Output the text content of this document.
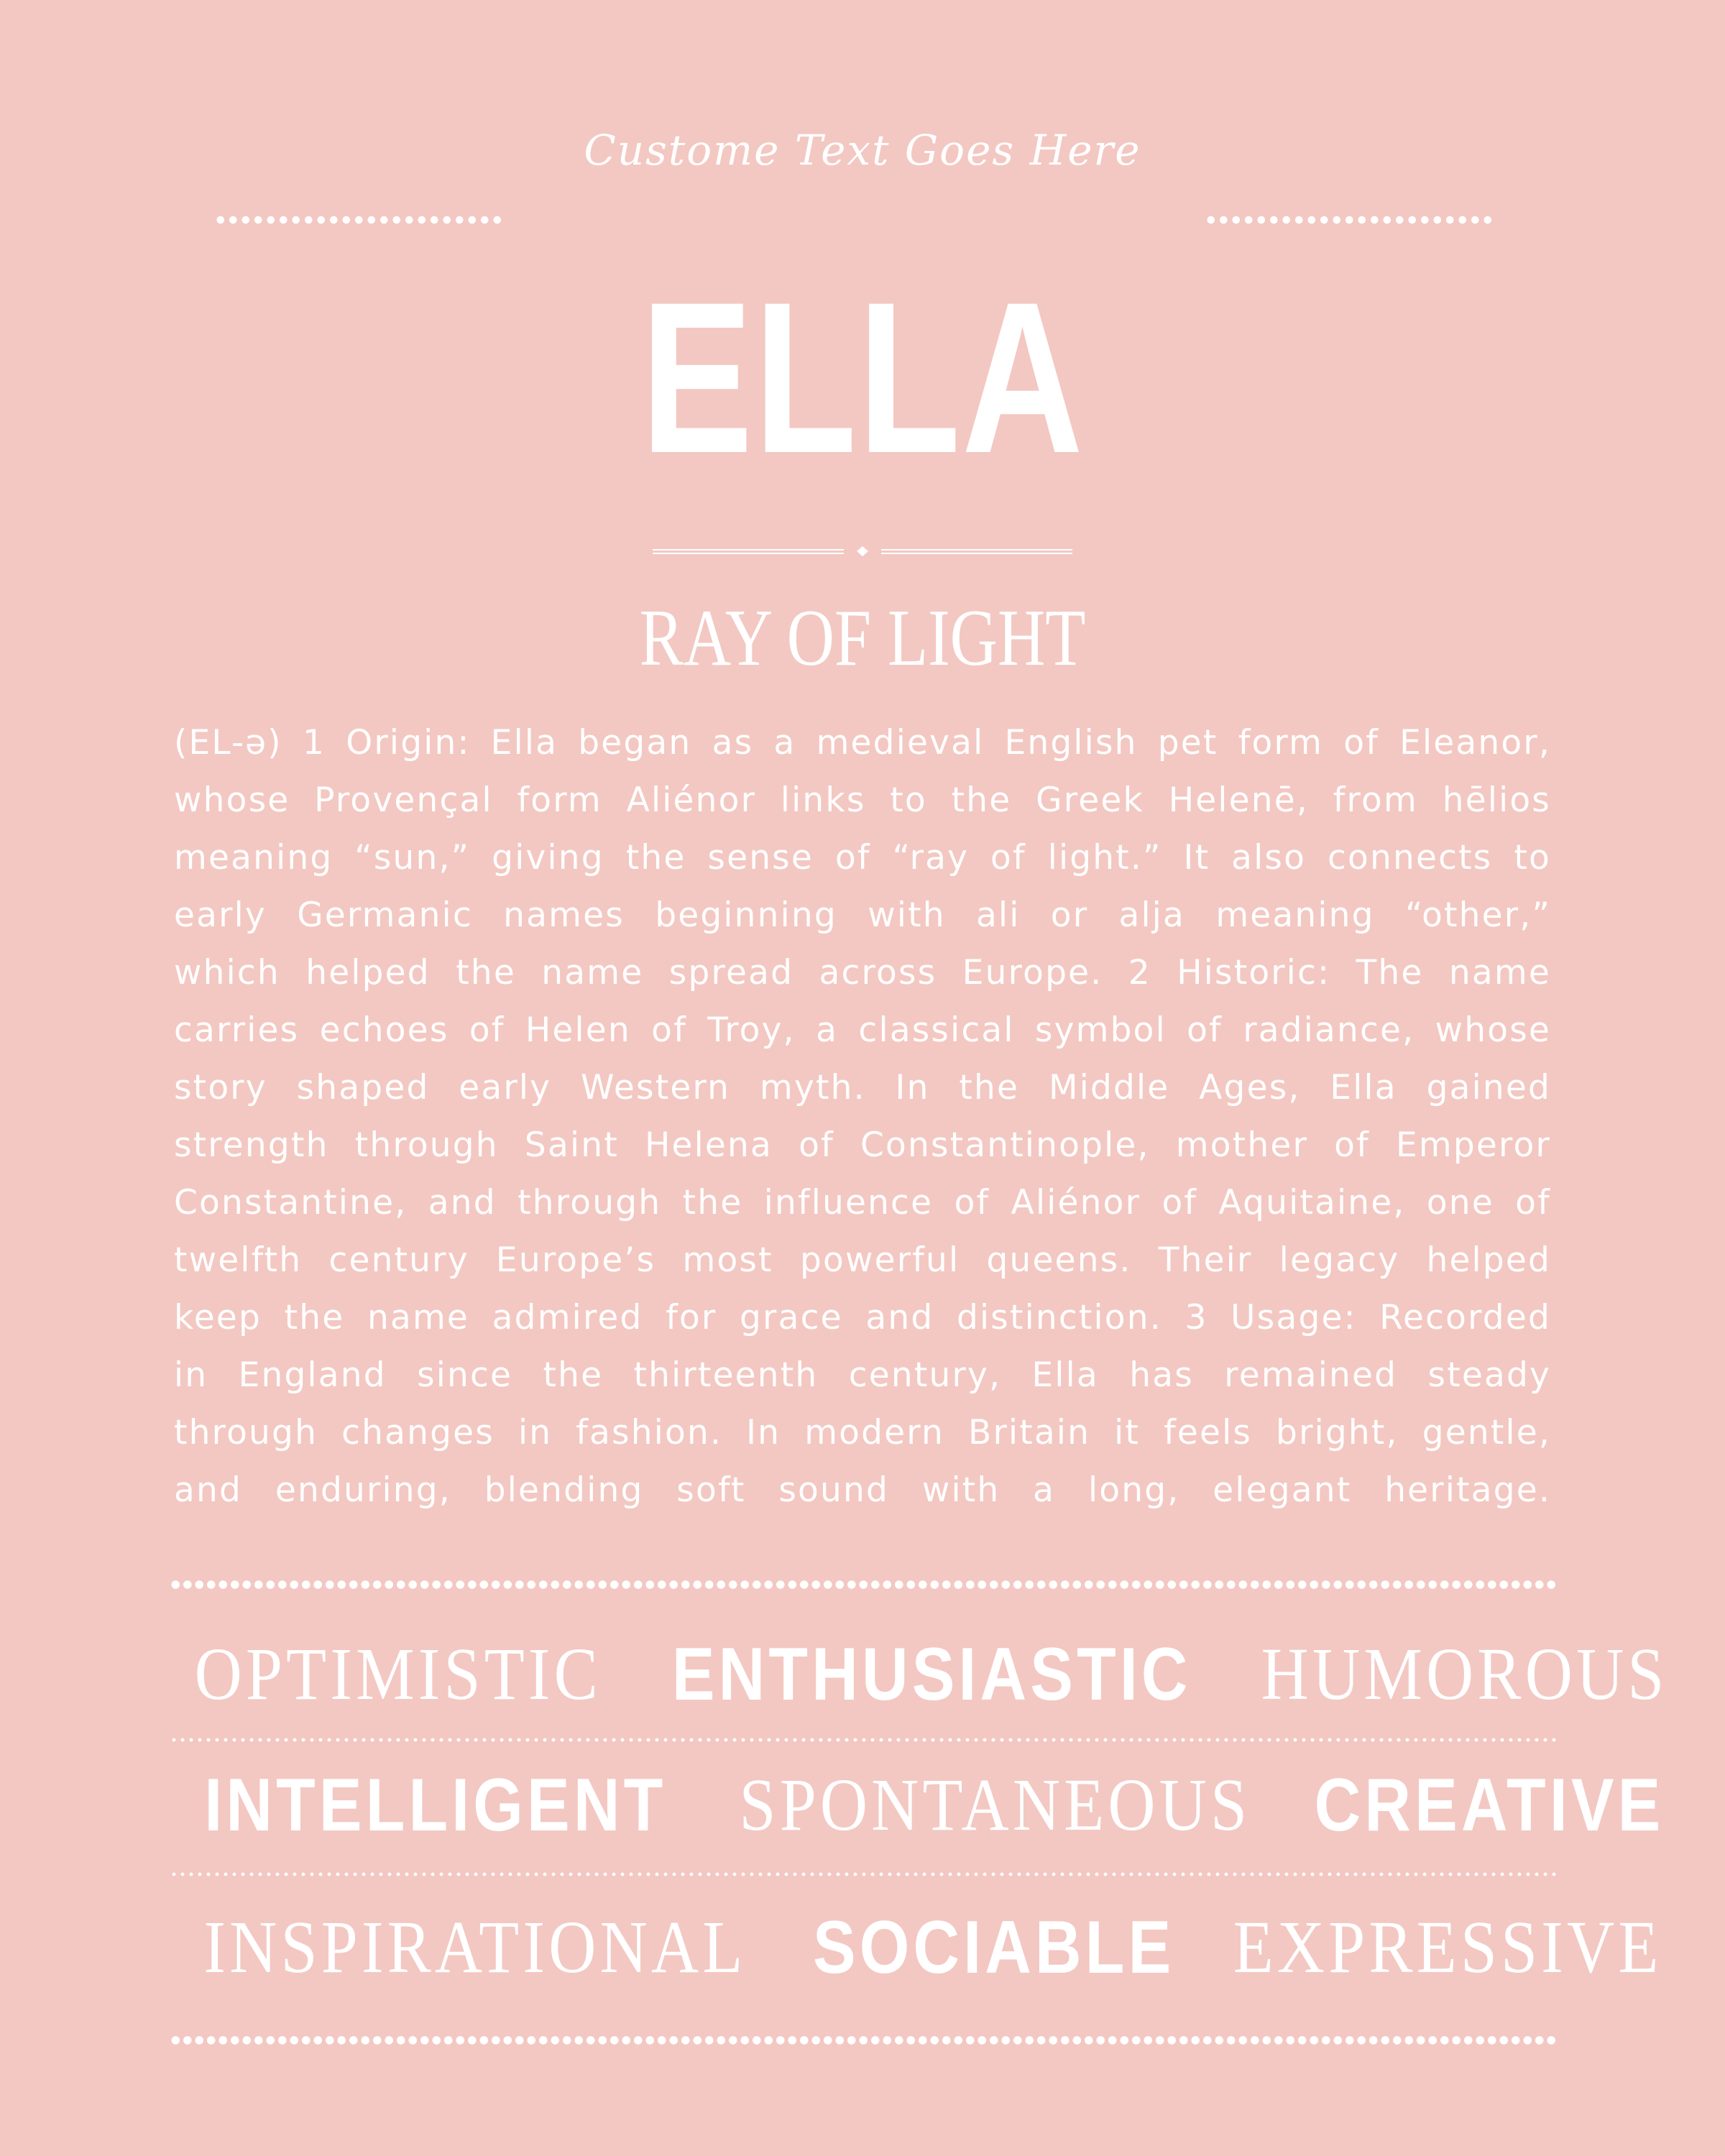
Custome Text Goes Here
ELLA
RAY OF LIGHT
(EL-ə) 1 Origin: Ella began as a medieval English pet form of Eleanor,
whose Provençal form Aliénor links to the Greek Helenē, from hēlios
meaning “sun,” giving the sense of “ray of light.” It also connects to
early Germanic names beginning with ali or alja meaning “other,”
which helped the name spread across Europe. 2 Historic: The name
carries echoes of Helen of Troy, a classical symbol of radiance, whose
story shaped early Western myth. In the Middle Ages, Ella gained
strength through Saint Helena of Constantinople, mother of Emperor
Constantine, and through the influence of Aliénor of Aquitaine, one of
twelfth century Europe’s most powerful queens. Their legacy helped
keep the name admired for grace and distinction. 3 Usage: Recorded
in England since the thirteenth century, Ella has remained steady
through changes in fashion. In modern Britain it feels bright, gentle,
and enduring, blending soft sound with a long, elegant heritage.
OPTIMISTIC ENTHUSIASTIC HUMOROUS
INTELLIGENT SPONTANEOUS CREATIVE
INSPIRATIONAL SOCIABLE EXPRESSIVE
